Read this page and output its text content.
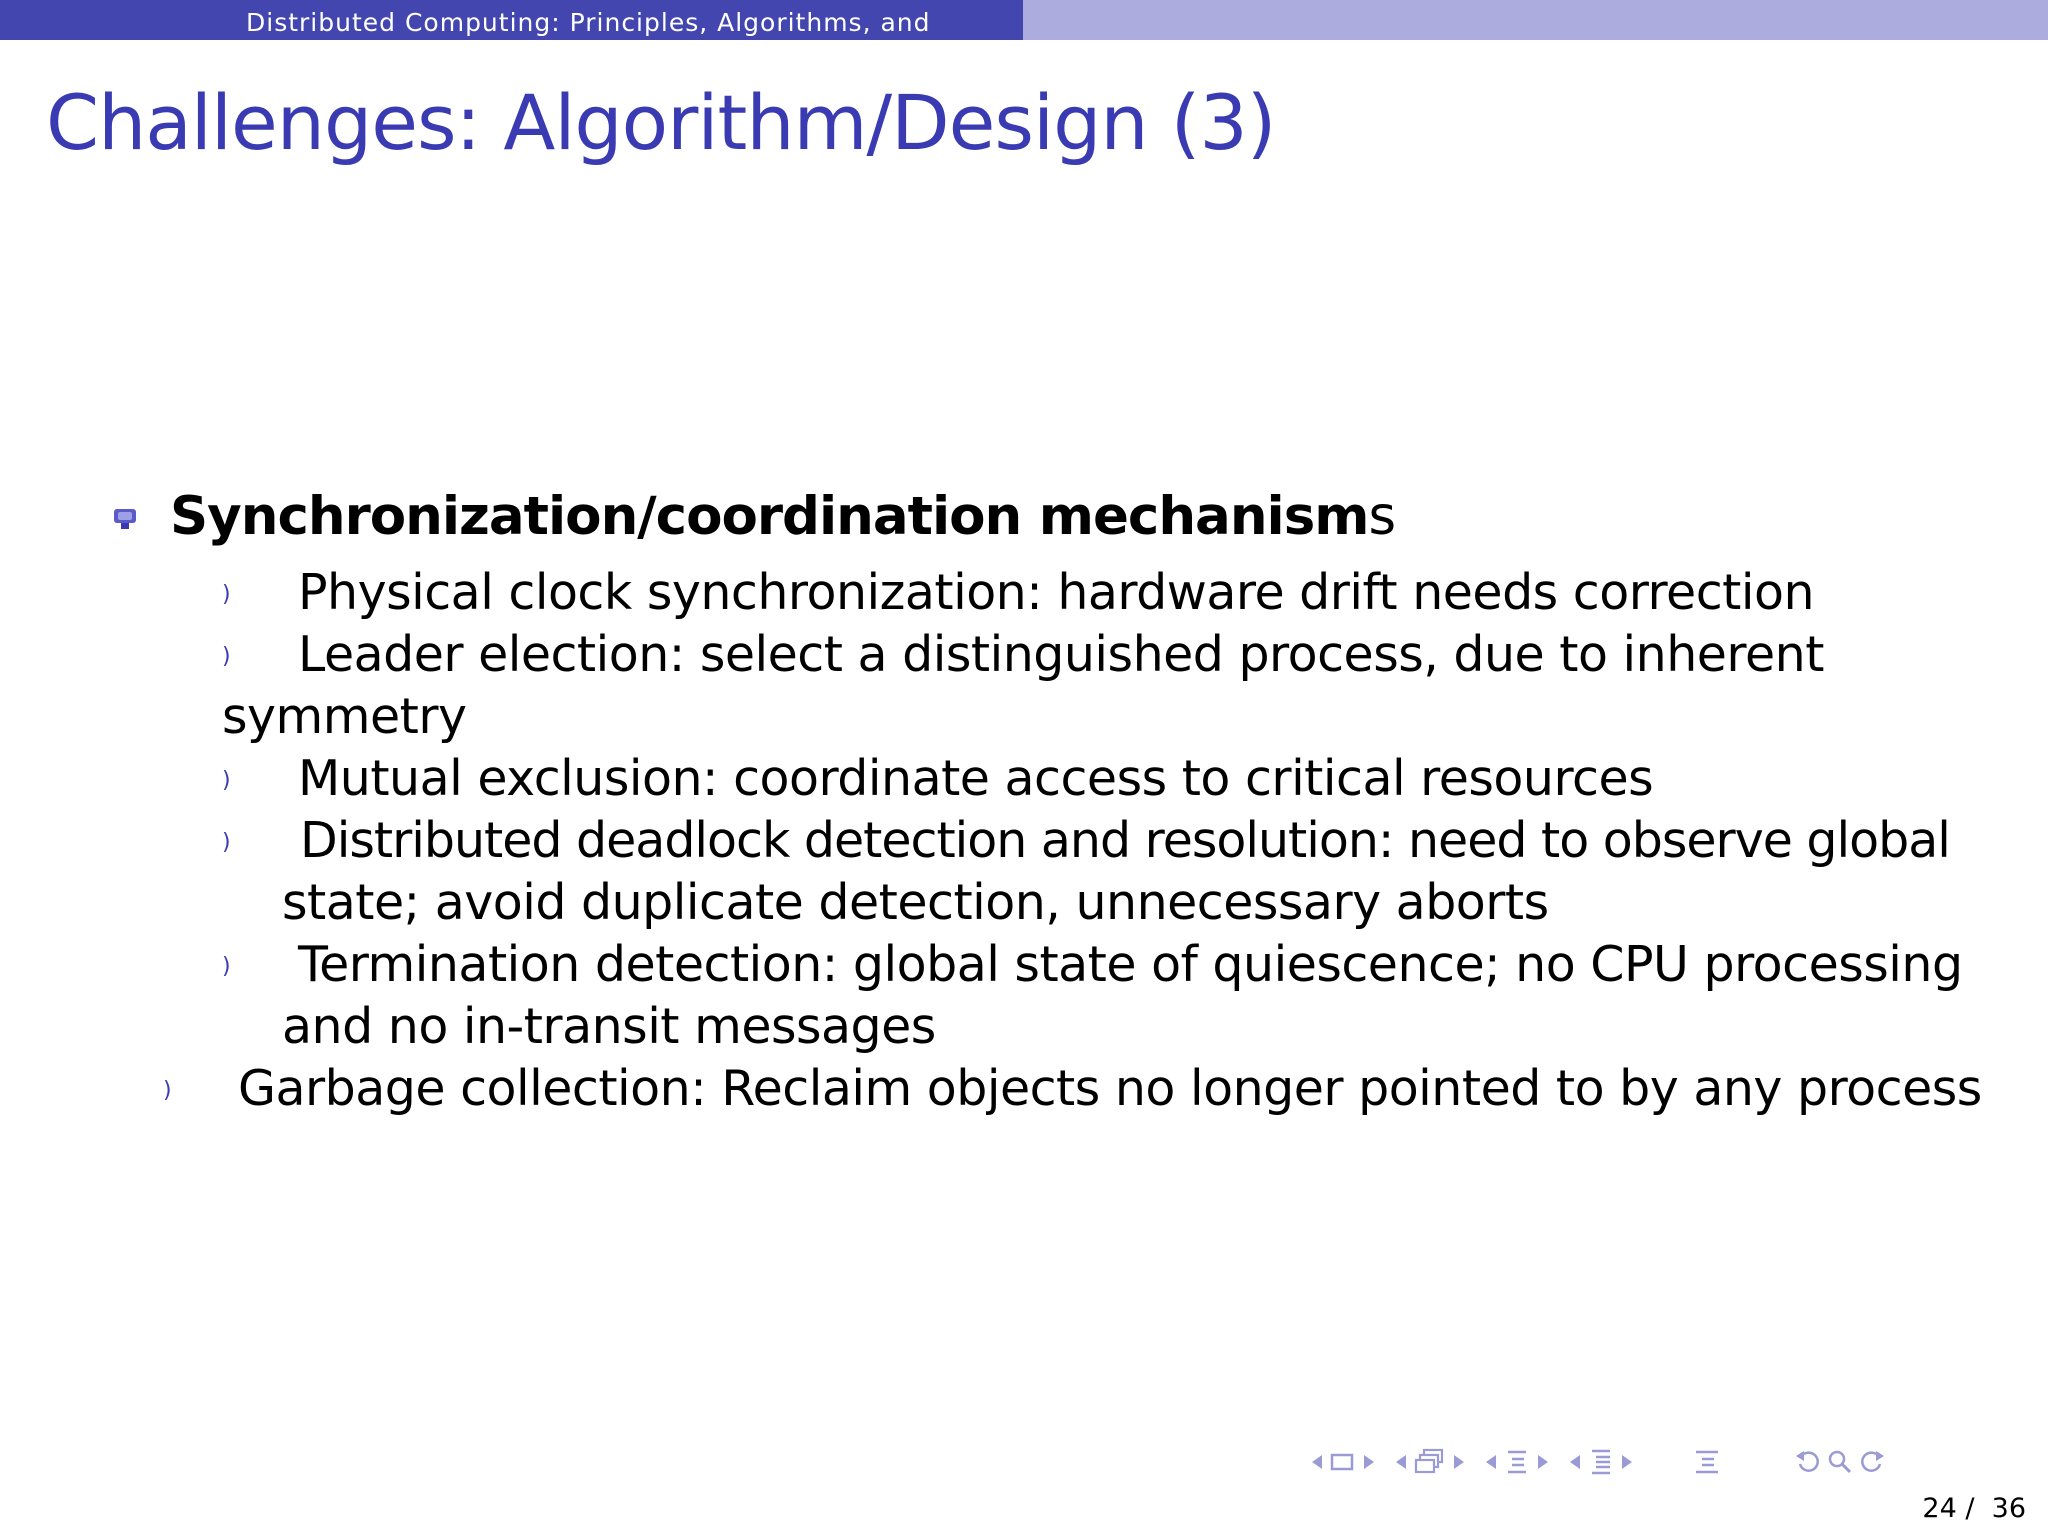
Distributed Computing: Principles, Algorithms, and
Challenges: Algorithm/Design (3)
Synchronization/coordination mechanisms
) Physical clock synchronization: hardware drift needs correction
) Leader election: select a distinguished process, due to inherent
symmetry
) Mutual exclusion: coordinate access to critical resources
) Distributed deadlock detection and resolution: need to observe global
state; avoid duplicate detection, unnecessary aborts
) Termination detection: global state of quiescence; no CPU processing
and no in-transit messages
) Garbage collection: Reclaim objects no longer pointed to by any process
24 /  36
